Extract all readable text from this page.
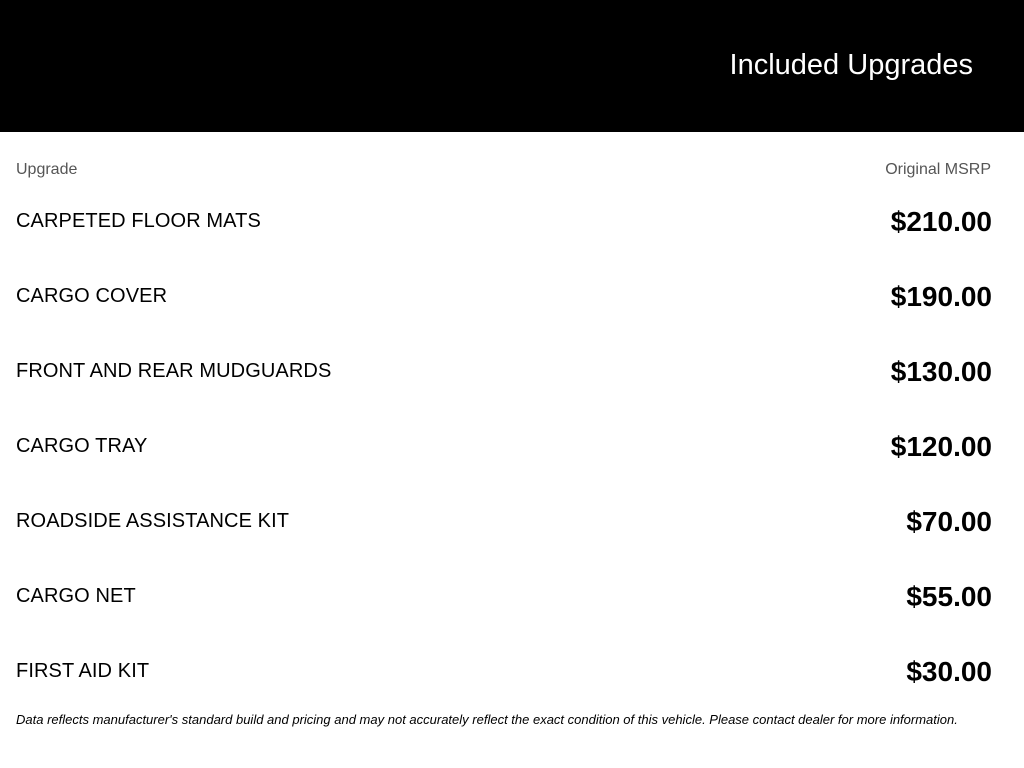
Included Upgrades
Upgrade	Original MSRP
CARPETED FLOOR MATS	$210.00
CARGO COVER	$190.00
FRONT AND REAR MUDGUARDS	$130.00
CARGO TRAY	$120.00
ROADSIDE ASSISTANCE KIT	$70.00
CARGO NET	$55.00
FIRST AID KIT	$30.00
Data reflects manufacturer's standard build and pricing and may not accurately reflect the exact condition of this vehicle. Please contact dealer for more information.
